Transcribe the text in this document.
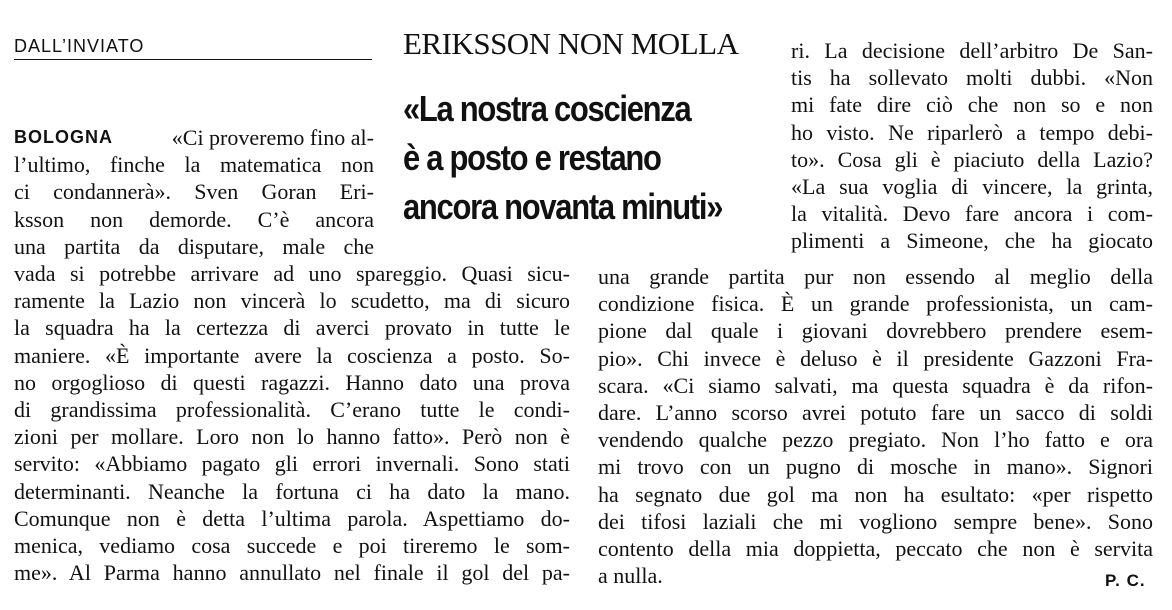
DALL’INVIATO	ERIKSSON NON MOLLA
«La nostra coscienza
è a posto e restano
ancora novanta minuti»
BOLOGNA	«Ci proveremo fino al-
l’ultimo, finche la matematica non
ci condannerà». Sven Goran Eri-
ksson non demorde. C’è ancora
una partita da disputare, male che
vada si potrebbe arrivare ad uno spareggio. Quasi sicu-
ramente la Lazio non vincerà lo scudetto, ma di sicuro
la squadra ha la certezza di averci provato in tutte le
maniere. «È importante avere la coscienza a posto. So-
no orgoglioso di questi ragazzi. Hanno dato una prova
di grandissima professionalità. C’erano tutte le condi-
zioni per mollare. Loro non lo hanno fatto». Però non è
servito: «Abbiamo pagato gli errori invernali. Sono stati
determinanti. Neanche la fortuna ci ha dato la mano.
Comunque non è detta l’ultima parola. Aspettiamo do-
menica, vediamo cosa succede e poi tireremo le som-
me». Al Parma hanno annullato nel finale il gol del pa-
ri. La decisione dell’arbitro De San-
tis ha sollevato molti dubbi. «Non
mi fate dire ciò che non so e non
ho visto. Ne riparlerò a tempo debi-
to». Cosa gli è piaciuto della Lazio?
«La sua voglia di vincere, la grinta,
la vitalità. Devo fare ancora i com-
plimenti a Simeone, che ha giocato
una grande partita pur non essendo al meglio della
condizione fisica. È un grande professionista, un cam-
pione dal quale i giovani dovrebbero prendere esem-
pio». Chi invece è deluso è il presidente Gazzoni Fra-
scara. «Ci siamo salvati, ma questa squadra è da rifon-
dare. L’anno scorso avrei potuto fare un sacco di soldi
vendendo qualche pezzo pregiato. Non l’ho fatto e ora
mi trovo con un pugno di mosche in mano». Signori
ha segnato due gol ma non ha esultato: «per rispetto
dei tifosi laziali che mi vogliono sempre bene». Sono
contento della mia doppietta, peccato che non è servita
a nulla.	P. C.
